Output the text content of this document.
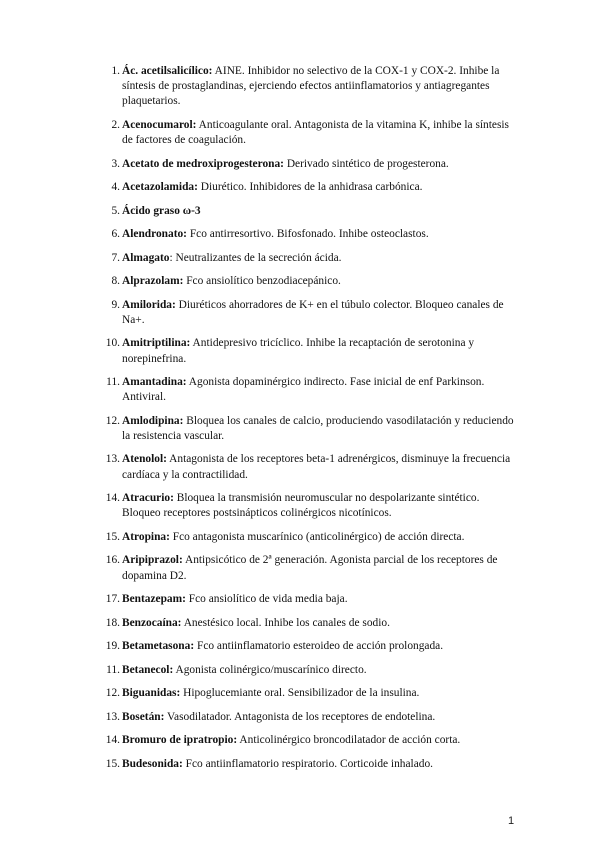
1. Ác. acetilsalicílico: AINE. Inhibidor no selectivo de la COX-1 y COX-2. Inhibe la síntesis de prostaglandinas, ejerciendo efectos antiinflamatorios y antiagregantes plaquetarios.
2. Acenocumarol: Anticoagulante oral. Antagonista de la vitamina K, inhibe la síntesis de factores de coagulación.
3. Acetato de medroxiprogesterona: Derivado sintético de progesterona.
4. Acetazolamida: Diurético. Inhibidores de la anhidrasa carbónica.
5. Ácido graso ω-3
6. Alendronato: Fco antirresortivo. Bifosfonado. Inhibe osteoclastos.
7. Almagato: Neutralizantes de la secreción ácida.
8. Alprazolam: Fco ansiolítico benzodiacepánico.
9. Amilorida: Diuréticos ahorradores de K+ en el túbulo colector. Bloqueo canales de Na+.
10. Amitriptilina: Antidepresivo tricíclico. Inhibe la recaptación de serotonina y norepinefrina.
11. Amantadina: Agonista dopaminérgico indirecto. Fase inicial de enf Parkinson. Antiviral.
12. Amlodipina: Bloquea los canales de calcio, produciendo vasodilatación y reduciendo la resistencia vascular.
13. Atenolol: Antagonista de los receptores beta-1 adrenérgicos, disminuye la frecuencia cardíaca y la contractilidad.
14. Atracurio: Bloquea la transmisión neuromuscular no despolarizante sintético. Bloqueo receptores postsinápticos colinérgicos nicotínicos.
15. Atropina: Fco antagonista muscarínico (anticolinérgico) de acción directa.
16. Aripiprazol: Antipsicótico de 2ª generación. Agonista parcial de los receptores de dopamina D2.
17. Bentazepam: Fco ansiolítico de vida media baja.
18. Benzocaína: Anestésico local. Inhibe los canales de sodio.
19. Betametasona: Fco antiinflamatorio esteroideo de acción prolongada.
11. Betanecol: Agonista colinérgico/muscarínico directo.
12. Biguanidas: Hipoglucemiante oral. Sensibilizador de la insulina.
13. Bosetán: Vasodilatador. Antagonista de los receptores de endotelina.
14. Bromuro de ipratropio: Anticolinérgico broncodilatador de acción corta.
15. Budesonida: Fco antiinflamatorio respiratorio. Corticoide inhalado.
1
